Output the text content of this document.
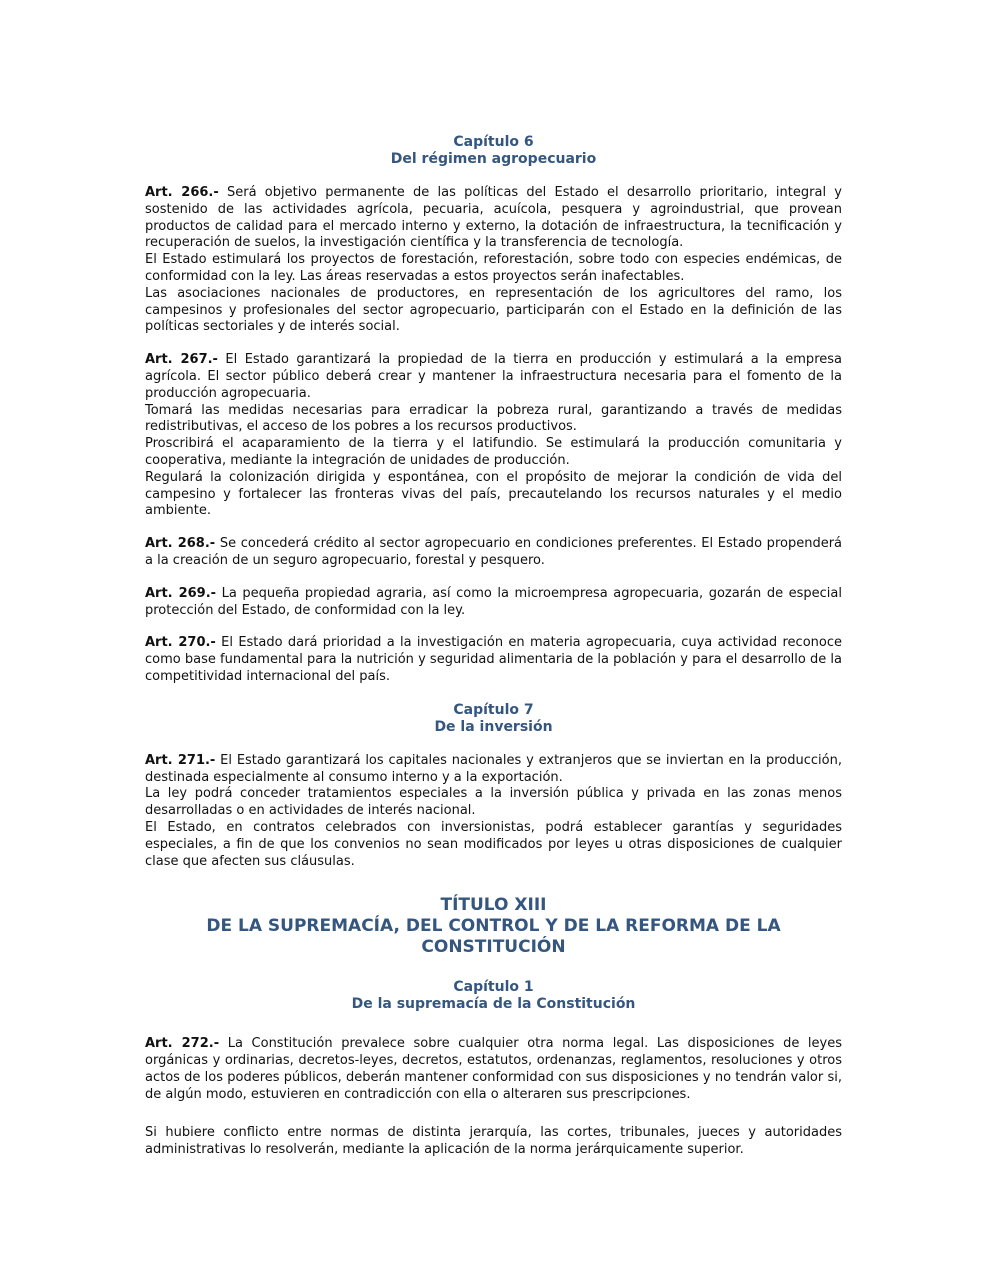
Capítulo 6
Del régimen agropecuario

Art. 266.- Será objetivo permanente de las políticas del Estado el desarrollo prioritario, integral y sostenido de las actividades agrícola, pecuaria, acuícola, pesquera y agroindustrial, que provean productos de calidad para el mercado interno y externo, la dotación de infraestructura, la tecnificación y recuperación de suelos, la investigación científica y la transferencia de tecnología.

El Estado estimulará los proyectos de forestación, reforestación, sobre todo con especies endémicas, de conformidad con la ley. Las áreas reservadas a estos proyectos serán inafectables.

Las asociaciones nacionales de productores, en representación de los agricultores del ramo, los campesinos y profesionales del sector agropecuario, participarán con el Estado en la definición de las políticas sectoriales y de interés social.

Art. 267.- El Estado garantizará la propiedad de la tierra en producción y estimulará a la empresa agrícola. El sector público deberá crear y mantener la infraestructura necesaria para el fomento de la producción agropecuaria.

Tomará las medidas necesarias para erradicar la pobreza rural, garantizando a través de medidas redistributivas, el acceso de los pobres a los recursos productivos.

Proscribirá el acaparamiento de la tierra y el latifundio. Se estimulará la producción comunitaria y cooperativa, mediante la integración de unidades de producción.

Regulará la colonización dirigida y espontánea, con el propósito de mejorar la condición de vida del campesino y fortalecer las fronteras vivas del país, precautelando los recursos naturales y el medio ambiente.

Art. 268.- Se concederá crédito al sector agropecuario en condiciones preferentes. El Estado propenderá a la creación de un seguro agropecuario, forestal y pesquero.

Art. 269.- La pequeña propiedad agraria, así como la microempresa agropecuaria, gozarán de especial protección del Estado, de conformidad con la ley.

Art. 270.- El Estado dará prioridad a la investigación en materia agropecuaria, cuya actividad reconoce como base fundamental para la nutrición y seguridad alimentaria de la población y para el desarrollo de la competitividad internacional del país.

Capítulo 7
De la inversión

Art. 271.- El Estado garantizará los capitales nacionales y extranjeros que se inviertan en la producción, destinada especialmente al consumo interno y a la exportación.

La ley podrá conceder tratamientos especiales a la inversión pública y privada en las zonas menos desarrolladas o en actividades de interés nacional.

El Estado, en contratos celebrados con inversionistas, podrá establecer garantías y seguridades especiales, a fin de que los convenios no sean modificados por leyes u otras disposiciones de cualquier clase que afecten sus cláusulas.

TÍTULO XIII
DE LA SUPREMACÍA, DEL CONTROL Y DE LA REFORMA DE LA
CONSTITUCIÓN
Capítulo 1
De la supremacía de la Constitución

Art. 272.- La Constitución prevalece sobre cualquier otra norma legal. Las disposiciones de leyes orgánicas y ordinarias, decretos-leyes, decretos, estatutos, ordenanzas, reglamentos, resoluciones y otros actos de los poderes públicos, deberán mantener conformidad con sus disposiciones y no tendrán valor si, de algún modo, estuvieren en contradicción con ella o alteraren sus prescripciones.

Si hubiere conflicto entre normas de distinta jerarquía, las cortes, tribunales, jueces y autoridades administrativas lo resolverán, mediante la aplicación de la norma jerárquicamente superior.
